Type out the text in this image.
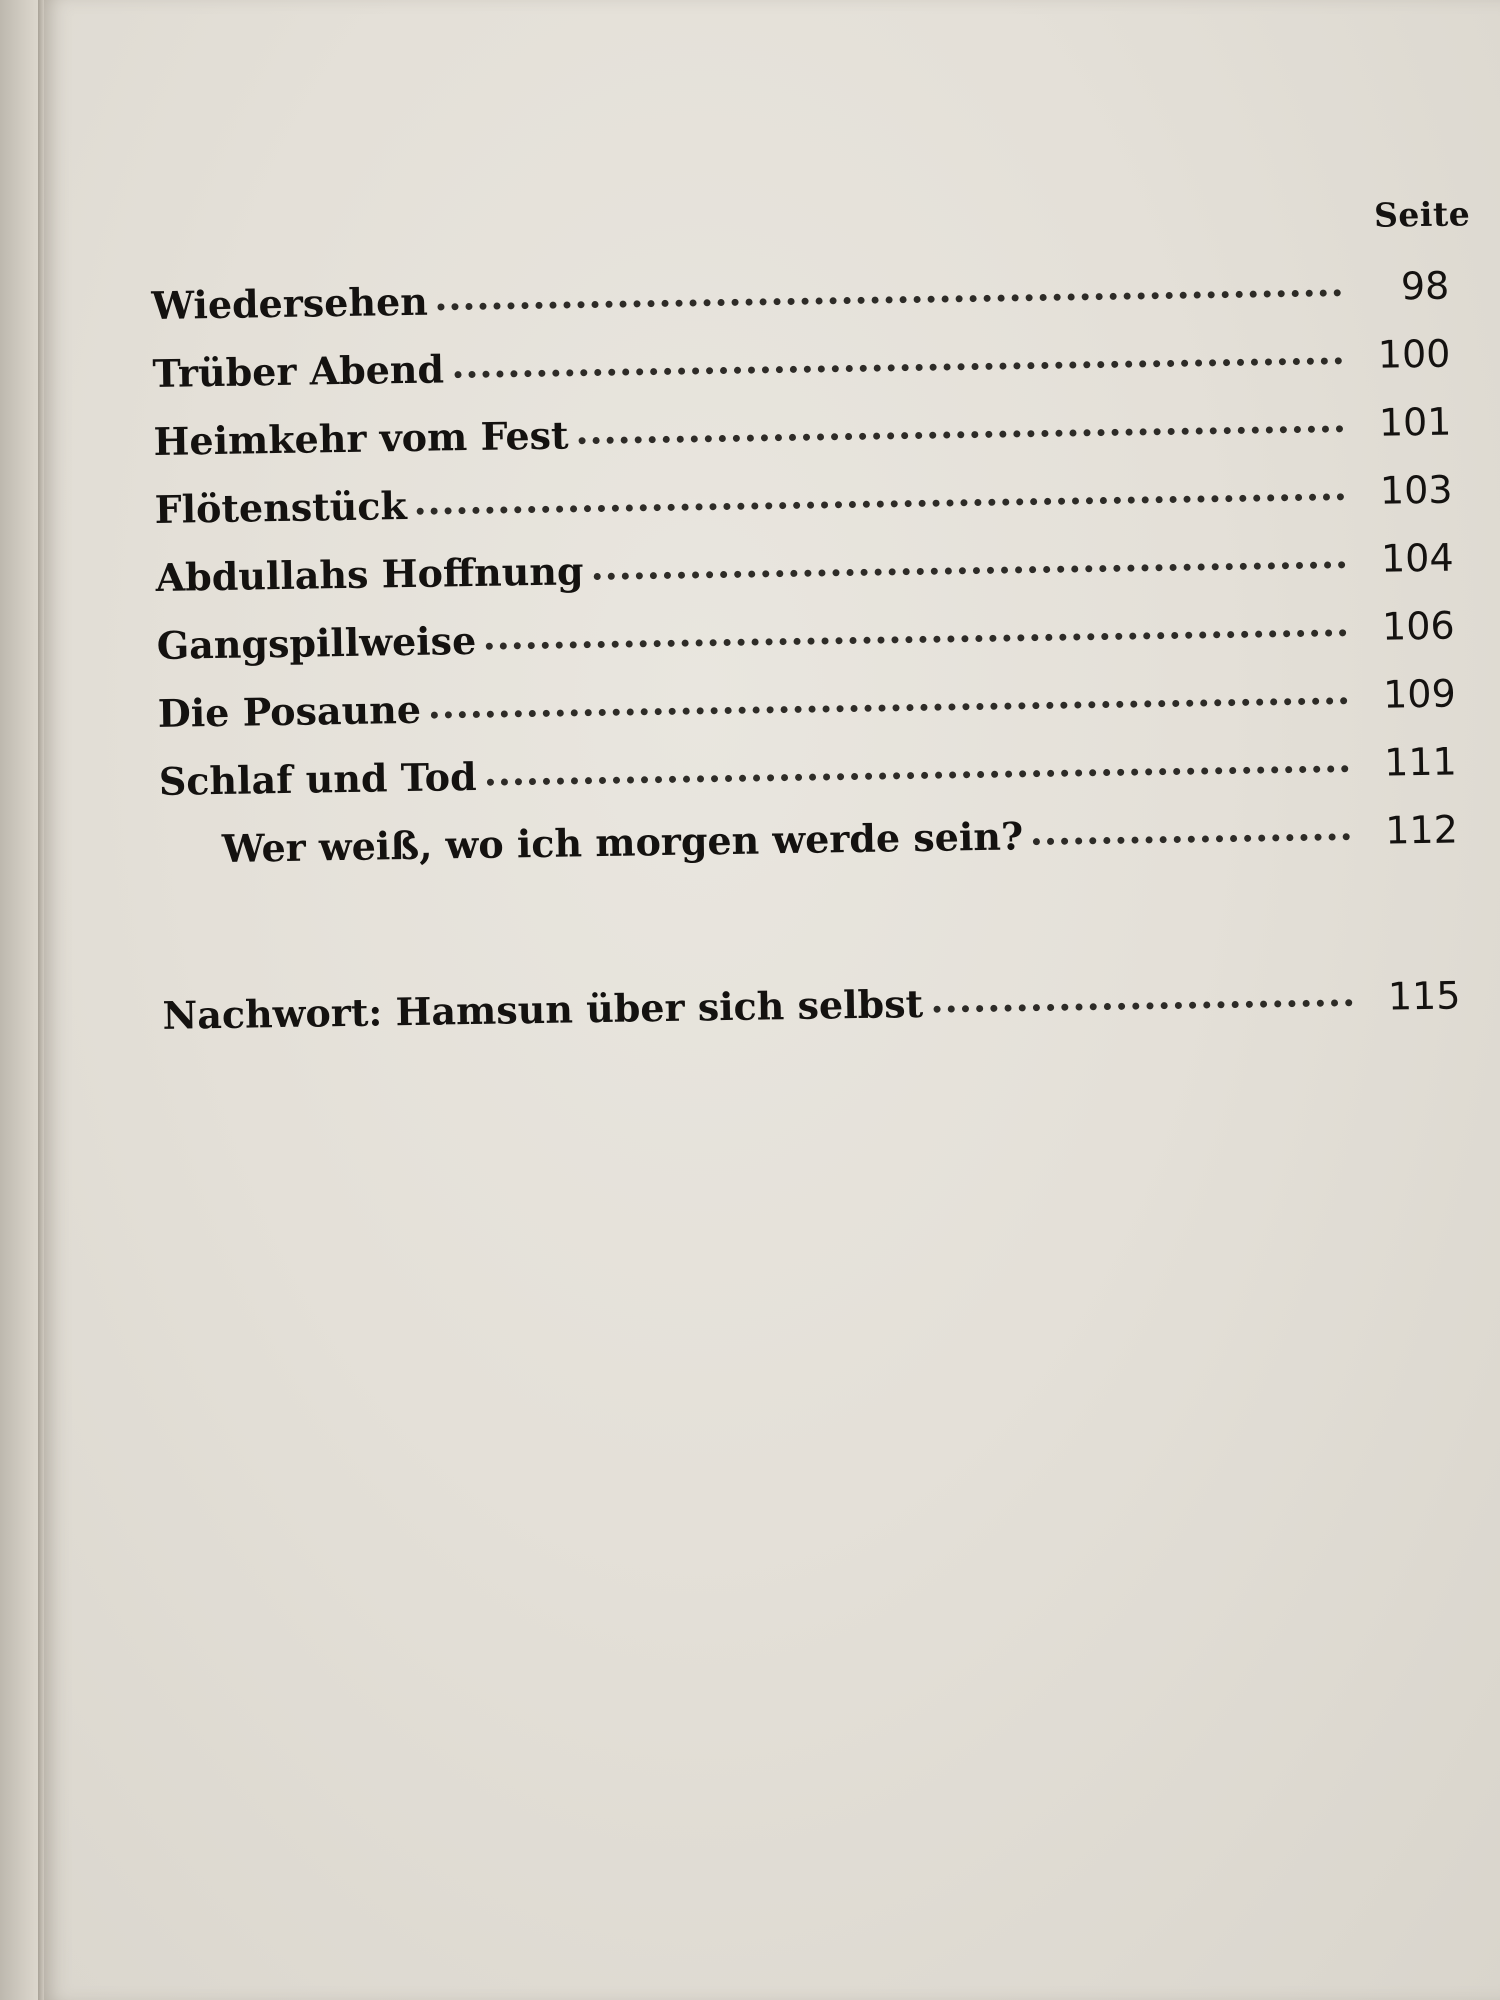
Seite
Wiedersehen	98
Trüber Abend	100
Heimkehr vom Fest	101
Flötenstück	103
Abdullahs Hoffnung	104
Gangspillweise	106
Die Posaune	109
Schlaf und Tod	111
Wer weiß, wo ich morgen werde sein?	112
Nachwort: Hamsun über sich selbst	115
